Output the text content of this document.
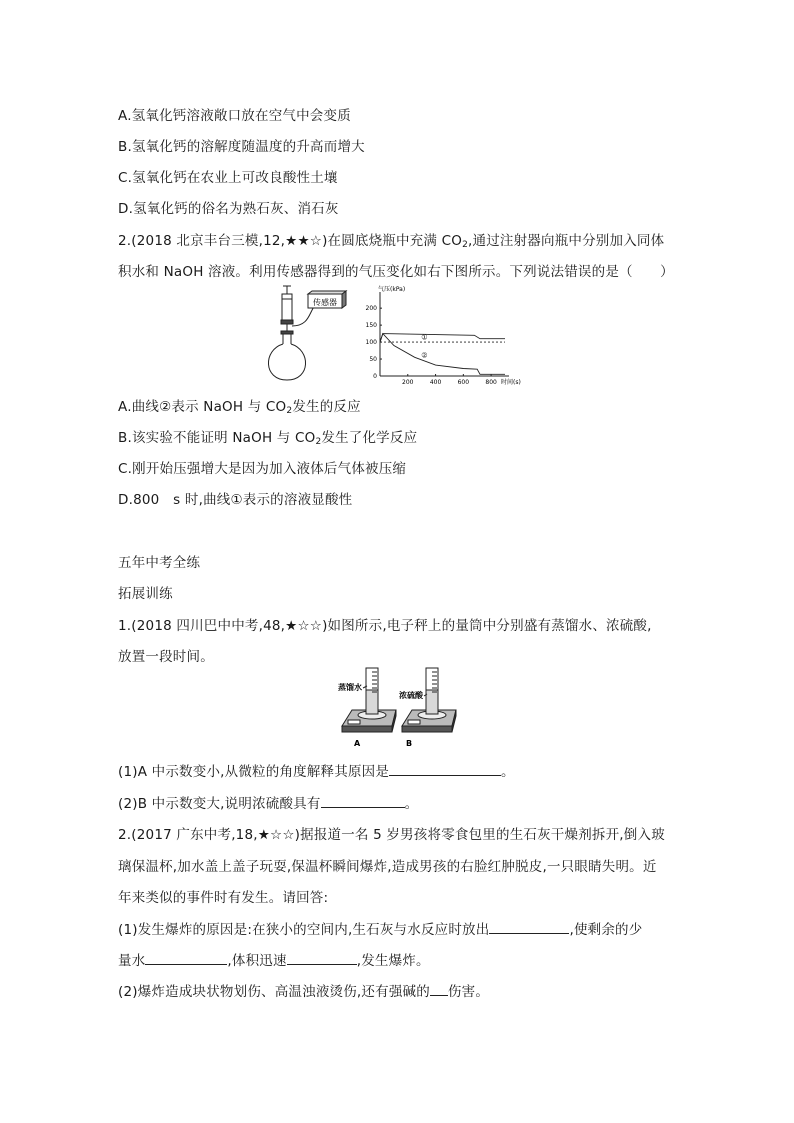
A.氢氧化钙溶液敞口放在空气中会变质
B.氢氧化钙的溶解度随温度的升高而增大
C.氢氧化钙在农业上可改良酸性土壤
D.氢氧化钙的俗名为熟石灰、消石灰
2.(2018 北京丰台三模,12,★★☆)在圆底烧瓶中充满 $CO_2$,通过注射器向瓶中分别加入同体
积水和 NaOH 溶液。利用传感器得到的气压变化如右下图所示。下列说法错误的是（　　）
传感器
气压(kPa)
0
50
100
150
200
200	400	600	800 时间(s)
①
②
A.曲线②表示 NaOH 与 $CO_2$发生的反应
B.该实验不能证明 NaOH 与 $CO_2$发生了化学反应
C.刚开始压强增大是因为加入液体后气体被压缩
D.800　s 时,曲线①表示的溶液显酸性
五年中考全练
拓展训练
1.(2018 四川巴中中考,48,★☆☆)如图所示,电子秤上的量筒中分别盛有蒸馏水、浓硫酸,
放置一段时间。
蒸馏水
浓硫酸
A	B
(1)A 中示数变小,从微粒的角度解释其原因是	。
(2)B 中示数变大,说明浓硫酸具有	。
2.(2017 广东中考,18,★☆☆)据报道一名 5 岁男孩将零食包里的生石灰干燥剂拆开,倒入玻
璃保温杯,加水盖上盖子玩耍,保温杯瞬间爆炸,造成男孩的右脸红肿脱皮,一只眼睛失明。近
年来类似的事件时有发生。请回答:
(1)发生爆炸的原因是:在狭小的空间内,生石灰与水反应时放出	,使剩余的少
量水	,体积迅速	,发生爆炸。
(2)爆炸造成块状物划伤、高温浊液烫伤,还有强碱的 伤害。
